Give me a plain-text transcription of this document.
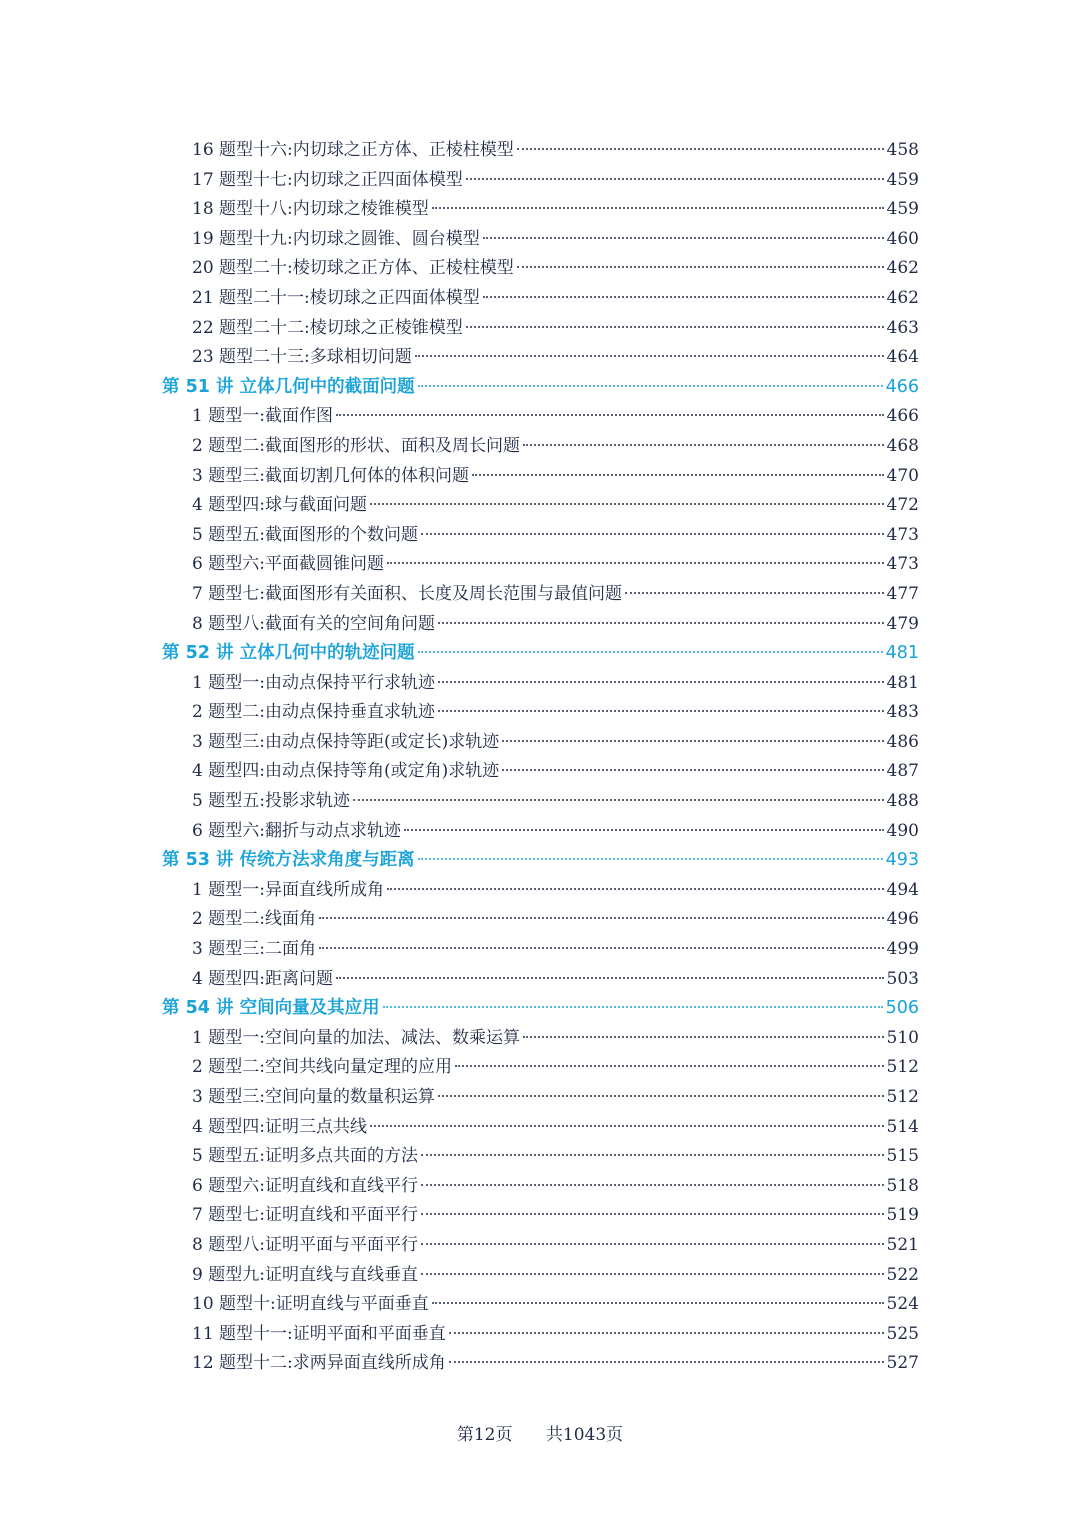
16 题型十六:内切球之正方体、正棱柱模型	458
17 题型十七:内切球之正四面体模型	459
18 题型十八:内切球之棱锥模型	459
19 题型十九:内切球之圆锥、圆台模型	460
20 题型二十:棱切球之正方体、正棱柱模型	462
21 题型二十一:棱切球之正四面体模型	462
22 题型二十二:棱切球之正棱锥模型	463
23 题型二十三:多球相切问题	464
第 51 讲 立体几何中的截面问题	466
1 题型一:截面作图	466
2 题型二:截面图形的形状、面积及周长问题	468
3 题型三:截面切割几何体的体积问题	470
4 题型四:球与截面问题	472
5 题型五:截面图形的个数问题	473
6 题型六:平面截圆锥问题	473
7 题型七:截面图形有关面积、长度及周长范围与最值问题	477
8 题型八:截面有关的空间角问题	479
第 52 讲 立体几何中的轨迹问题	481
1 题型一:由动点保持平行求轨迹	481
2 题型二:由动点保持垂直求轨迹	483
3 题型三:由动点保持等距(或定长)求轨迹	486
4 题型四:由动点保持等角(或定角)求轨迹	487
5 题型五:投影求轨迹	488
6 题型六:翻折与动点求轨迹	490
第 53 讲 传统方法求角度与距离	493
1 题型一:异面直线所成角	494
2 题型二:线面角	496
3 题型三:二面角	499
4 题型四:距离问题	503
第 54 讲 空间向量及其应用	506
1 题型一:空间向量的加法、减法、数乘运算	510
2 题型二:空间共线向量定理的应用	512
3 题型三:空间向量的数量积运算	512
4 题型四:证明三点共线	514
5 题型五:证明多点共面的方法	515
6 题型六:证明直线和直线平行	518
7 题型七:证明直线和平面平行	519
8 题型八:证明平面与平面平行	521
9 题型九:证明直线与直线垂直	522
10 题型十:证明直线与平面垂直	524
11 题型十一:证明平面和平面垂直	525
12 题型十二:求两异面直线所成角	527
第12页 共1043页
